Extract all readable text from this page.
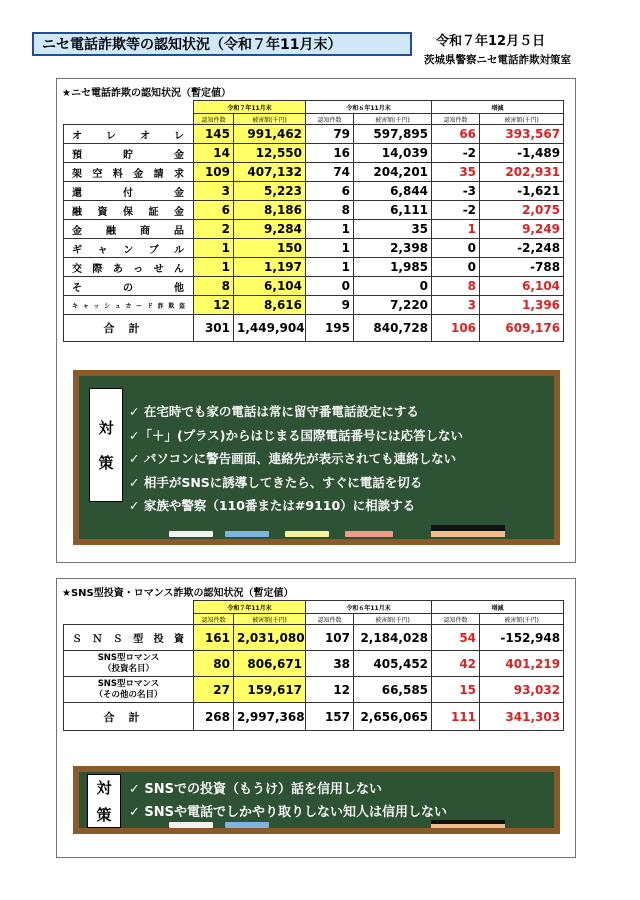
ニセ電話詐欺等の認知状況（令和７年11月末）	令和７年12月５日
茨城県警察ニセ電話詐欺対策室
★ニセ電話詐欺の認知状況（暫定値）
	令和７年11月末		令和６年11月末		増減	
	認知件数	被害額(千円)	認知件数	被害額(千円)	認知件数	被害額(千円)
オレオレ	145	991,462	79	597,895	66	393,567
預貯金	14	12,550	16	14,039	-2	-1,489
架空料金請求	109	407,132	74	204,201	35	202,931
還付金	3	5,223	6	6,844	-3	-1,621
融資保証金	6	8,186	8	6,111	-2	2,075
金融商品	2	9,284	1	35	1	9,249
ギャンブル	1	150	1	2,398	0	-2,248
交際あっせん	1	1,197	1	1,985	0	-788
その他	8	6,104	0	0	8	6,104
キャッシュカード詐欺盗	12	8,616	9	7,220	3	1,396
合計	301	1,449,904	195	840,728	106	609,176
対
策
✓ 在宅時でも家の電話は常に留守番電話設定にする
✓「＋」(プラス)からはじまる国際電話番号には応答しない
✓ パソコンに警告画面、連絡先が表示されても連絡しない
✓ 相手がSNSに誘導してきたら、すぐに電話を切る
✓ 家族や警察（110番または#9110）に相談する
★SNS型投資・ロマンス詐欺の認知状況（暫定値）
	令和７年11月末		令和６年11月末		増減	
	認知件数	被害額(千円)	認知件数	被害額(千円)	認知件数	被害額(千円)
ＳＮＳ型投資	161	2,031,080	107	2,184,028	54	-152,948

SNS型ロマンス
（投資名目）	80	806,671	38	405,452	42	401,219

SNS型ロマンス
（その他の名目）	27	159,617	12	66,585	15	93,032
合計	268	2,997,368	157	2,656,065	111	341,303
対
策
✓ SNSでの投資（もうけ）話を信用しない
✓ SNSや電話でしかやり取りしない知人は信用しない
